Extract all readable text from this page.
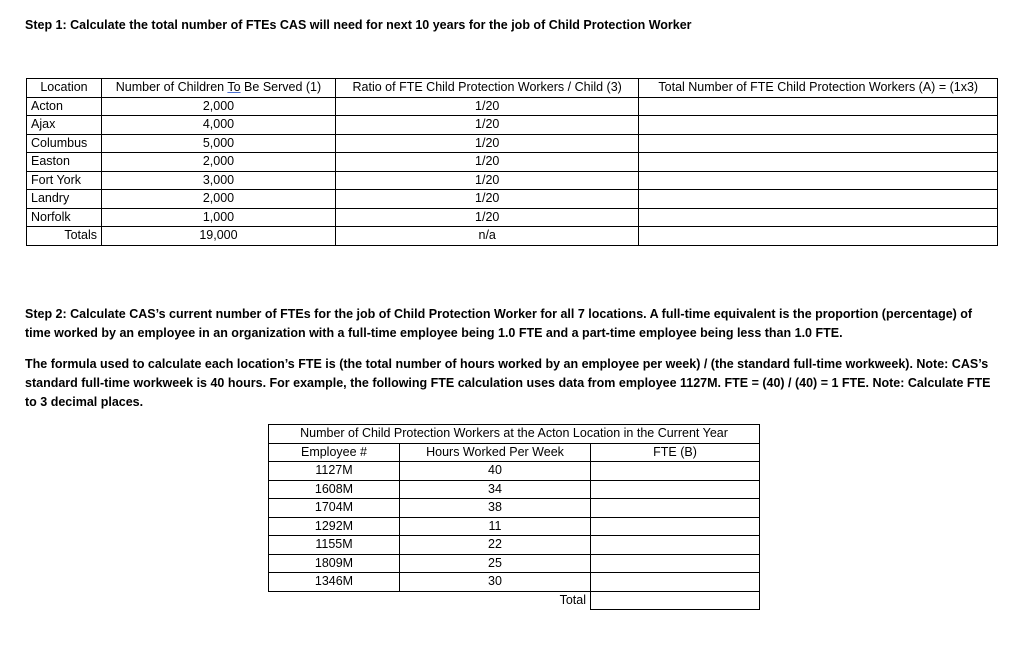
Step 1: Calculate the total number of FTEs CAS will need for next 10 years for the job of Child Protection Worker
Location	Number of Children To Be Served (1)	Ratio of FTE Child Protection Workers / Child (3)	Total Number of FTE Child Protection Workers (A) = (1x3)
Acton	2,000	1/20	
Ajax	4,000	1/20	
Columbus	5,000	1/20	
Easton	2,000	1/20	
Fort York	3,000	1/20	
Landry	2,000	1/20	
Norfolk	1,000	1/20	
Totals	19,000	n/a	
Step 2: Calculate CAS’s current number of FTEs for the job of Child Protection Worker for all 7 locations. A full-time equivalent is the proportion (percentage) of time worked by an employee in an organization with a full-time employee being 1.0 FTE and a part-time employee being less than 1.0 FTE.
The formula used to calculate each location’s FTE is (the total number of hours worked by an employee per week) / (the standard full-time workweek). Note: CAS’s standard full-time workweek is 40 hours. For example, the following FTE calculation uses data from employee 1127M. FTE = (40) / (40) = 1 FTE. Note: Calculate FTE to 3 decimal places.
Number of Child Protection Workers at the Acton Location in the Current Year		
Employee #	Hours Worked Per Week	FTE (B)
1127M	40	
1608M	34	
1704M	38	
1292M	11	
1155M	22	
1809M	25	
1346M	30	
	Total	
